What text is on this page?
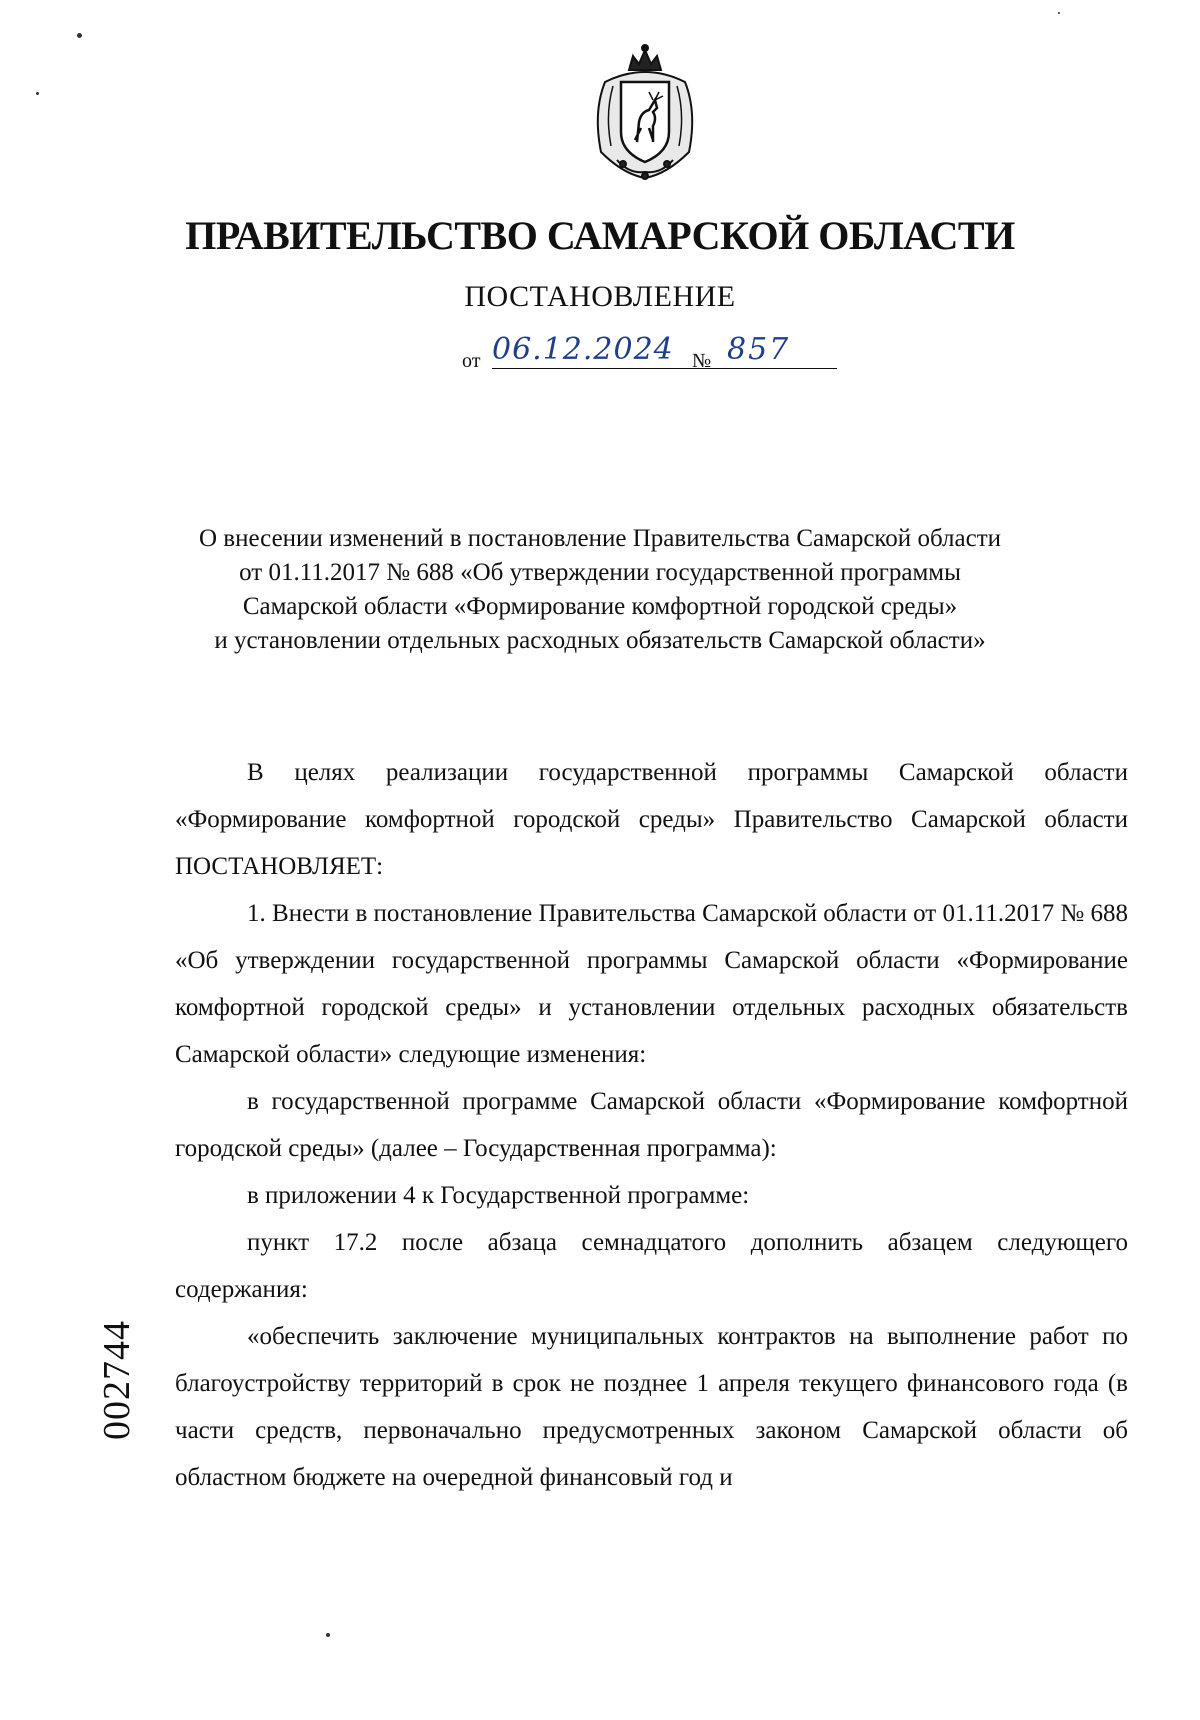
ПРАВИТЕЛЬСТВО САМАРСКОЙ ОБЛАСТИ
ПОСТАНОВЛЕНИЕ
от 06.12.2024 № 857
О внесении изменений в постановление Правительства Самарской области
от 01.11.2017 № 688 «Об утверждении государственной программы
Самарской области «Формирование комфортной городской среды»
и установлении отдельных расходных обязательств Самарской области»

В целях реализации государственной программы Самарской области «Формирование комфортной городской среды» Правительство Самарской области ПОСТАНОВЛЯЕТ:

1. Внести в постановление Правительства Самарской области от 01.11.2017 № 688 «Об утверждении государственной программы Самарской области «Формирование комфортной городской среды» и установлении отдельных расходных обязательств Самарской области» следующие изменения:

в государственной программе Самарской области «Формирование комфортной городской среды» (далее – Государственная программа):

в приложении 4 к Государственной программе:

пункт 17.2 после абзаца семнадцатого дополнить абзацем следующего содержания:

«обеспечить заключение муниципальных контрактов на выполнение работ по благоустройству территорий в срок не позднее 1 апреля текущего финансового года (в части средств, первоначально предусмотренных законом Самарской области об областном бюджете на очередной финансовый год и

002744
